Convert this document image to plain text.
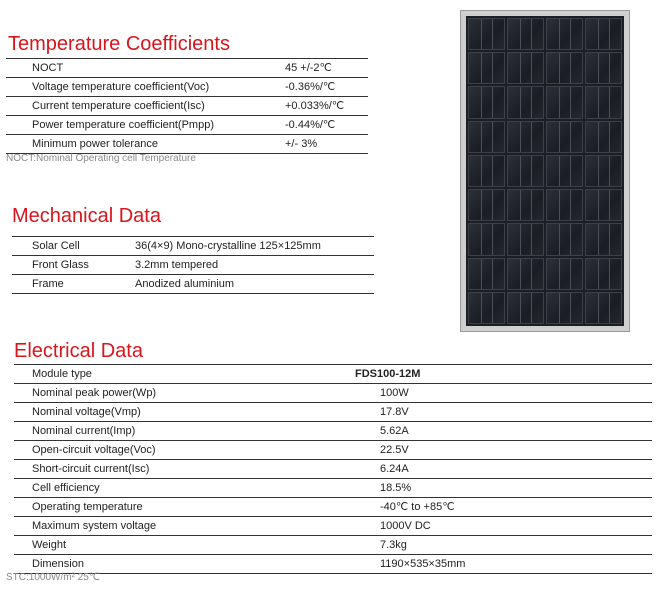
Temperature Coefficients
NOCT	45 +/-2℃
Voltage temperature coefficient(Voc)	-0.36%/℃
Current temperature coefficient(Isc)	+0.033%/℃
Power temperature coefficient(Pmpp)	-0.44%/℃
Minimum power tolerance	+/- 3%
NOCT:Nominal Operating cell Temperature
Mechanical Data
Solar Cell	36(4×9) Mono-crystalline 125×125mm
Front Glass	3.2mm tempered
Frame	Anodized aluminium
Electrical Data
Module type	FDS100-12M
Nominal peak power(Wp)	100W
Nominal voltage(Vmp)	17.8V
Nominal current(Imp)	5.62A
Open-circuit voltage(Voc)	22.5V
Short-circuit current(Isc)	6.24A
Cell efficiency	18.5%
Operating temperature	-40℃ to +85℃
Maximum system voltage	1000V DC
Weight	7.3kg
Dimension	1190×535×35mm
STC:1000W/m² 25℃
